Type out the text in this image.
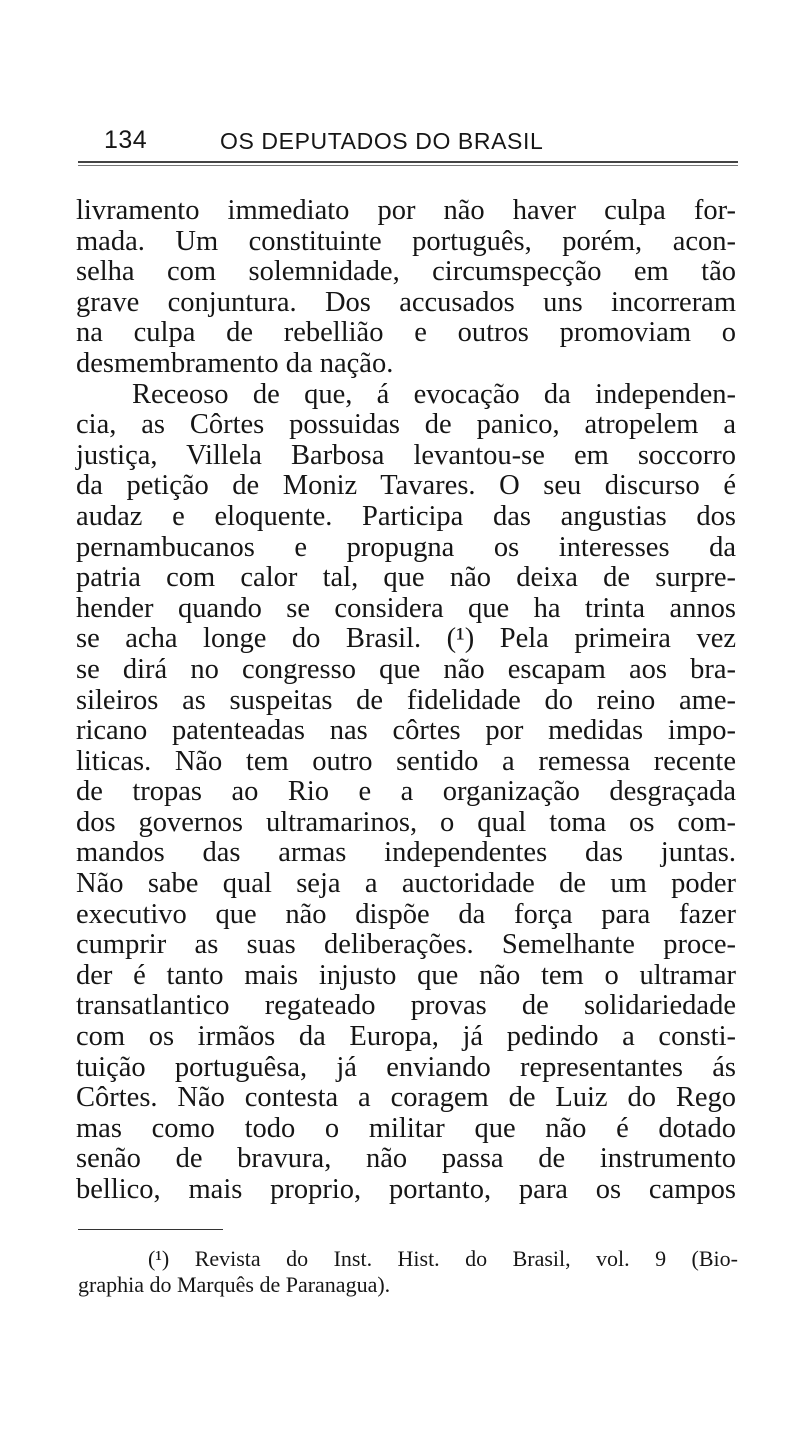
134	OS DEPUTADOS DO BRASIL
livramento immediato por não haver culpa for-
mada. Um constituinte português, porém, acon-
selha com solemnidade, circumspecção em tão
grave conjuntura. Dos accusados uns incorreram
na culpa de rebellião e outros promoviam o
desmembramento da nação.
Receoso de que, á evocação da independen-
cia, as Côrtes possuidas de panico, atropelem a
justiça, Villela Barbosa levantou-se em soccorro
da petição de Moniz Tavares. O seu discurso é
audaz e eloquente. Participa das angustias dos
pernambucanos e propugna os interesses da
patria com calor tal, que não deixa de surpre-
hender quando se considera que ha trinta annos
se acha longe do Brasil. (¹) Pela primeira vez
se dirá no congresso que não escapam aos bra-
sileiros as suspeitas de fidelidade do reino ame-
ricano patenteadas nas côrtes por medidas impo-
liticas. Não tem outro sentido a remessa recente
de tropas ao Rio e a organização desgraçada
dos governos ultramarinos, o qual toma os com-
mandos das armas independentes das juntas.
Não sabe qual seja a auctoridade de um poder
executivo que não dispõe da força para fazer
cumprir as suas deliberações. Semelhante proce-
der é tanto mais injusto que não tem o ultramar
transatlantico regateado provas de solidariedade
com os irmãos da Europa, já pedindo a consti-
tuição portuguêsa, já enviando representantes ás
Côrtes. Não contesta a coragem de Luiz do Rego
mas como todo o militar que não é dotado
senão de bravura, não passa de instrumento
bellico, mais proprio, portanto, para os campos
(¹) Revista do Inst. Hist. do Brasil, vol. 9 (Bio-
graphia do Marquês de Paranagua).
